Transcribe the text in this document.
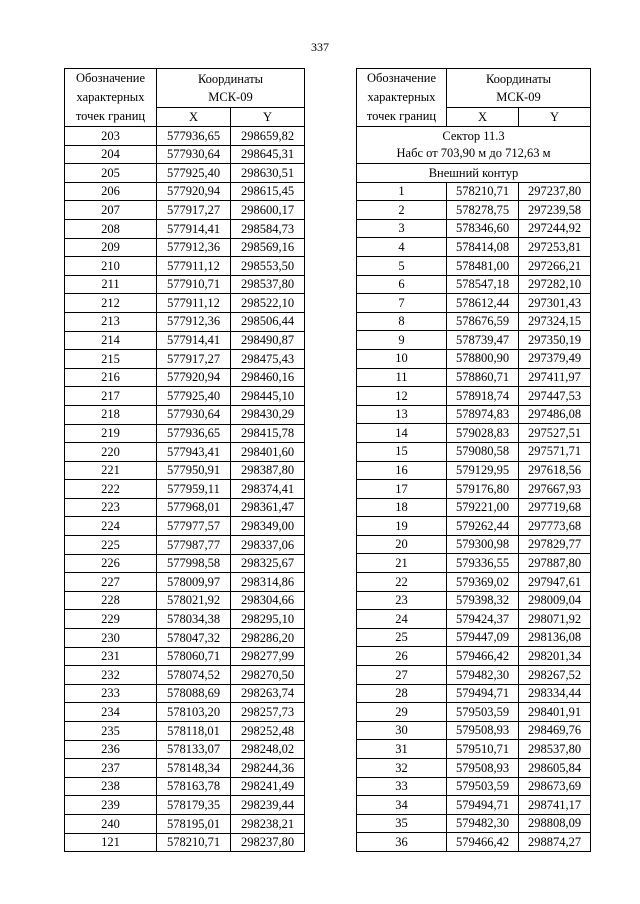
337
Обозначение характерных точек границ	Координаты
МСК-09	
	X	Y
203	577936,65	298659,82
204	577930,64	298645,31
205	577925,40	298630,51
206	577920,94	298615,45
207	577917,27	298600,17
208	577914,41	298584,73
209	577912,36	298569,16
210	577911,12	298553,50
211	577910,71	298537,80
212	577911,12	298522,10
213	577912,36	298506,44
214	577914,41	298490,87
215	577917,27	298475,43
216	577920,94	298460,16
217	577925,40	298445,10
218	577930,64	298430,29
219	577936,65	298415,78
220	577943,41	298401,60
221	577950,91	298387,80
222	577959,11	298374,41
223	577968,01	298361,47
224	577977,57	298349,00
225	577987,77	298337,06
226	577998,58	298325,67
227	578009,97	298314,86
228	578021,92	298304,66
229	578034,38	298295,10
230	578047,32	298286,20
231	578060,71	298277,99
232	578074,52	298270,50
233	578088,69	298263,74
234	578103,20	298257,73
235	578118,01	298252,48
236	578133,07	298248,02
237	578148,34	298244,36
238	578163,78	298241,49
239	578179,35	298239,44
240	578195,01	298238,21
121	578210,71	298237,80
Обозначение характерных точек границ	Координаты
МСК-09	
	X	Y
Сектор 11.3
Набс от 703,90 м до 712,63 м		
Внешний контур		
1	578210,71	297237,80
2	578278,75	297239,58
3	578346,60	297244,92
4	578414,08	297253,81
5	578481,00	297266,21
6	578547,18	297282,10
7	578612,44	297301,43
8	578676,59	297324,15
9	578739,47	297350,19
10	578800,90	297379,49
11	578860,71	297411,97
12	578918,74	297447,53
13	578974,83	297486,08
14	579028,83	297527,51
15	579080,58	297571,71
16	579129,95	297618,56
17	579176,80	297667,93
18	579221,00	297719,68
19	579262,44	297773,68
20	579300,98	297829,77
21	579336,55	297887,80
22	579369,02	297947,61
23	579398,32	298009,04
24	579424,37	298071,92
25	579447,09	298136,08
26	579466,42	298201,34
27	579482,30	298267,52
28	579494,71	298334,44
29	579503,59	298401,91
30	579508,93	298469,76
31	579510,71	298537,80
32	579508,93	298605,84
33	579503,59	298673,69
34	579494,71	298741,17
35	579482,30	298808,09
36	579466,42	298874,27
